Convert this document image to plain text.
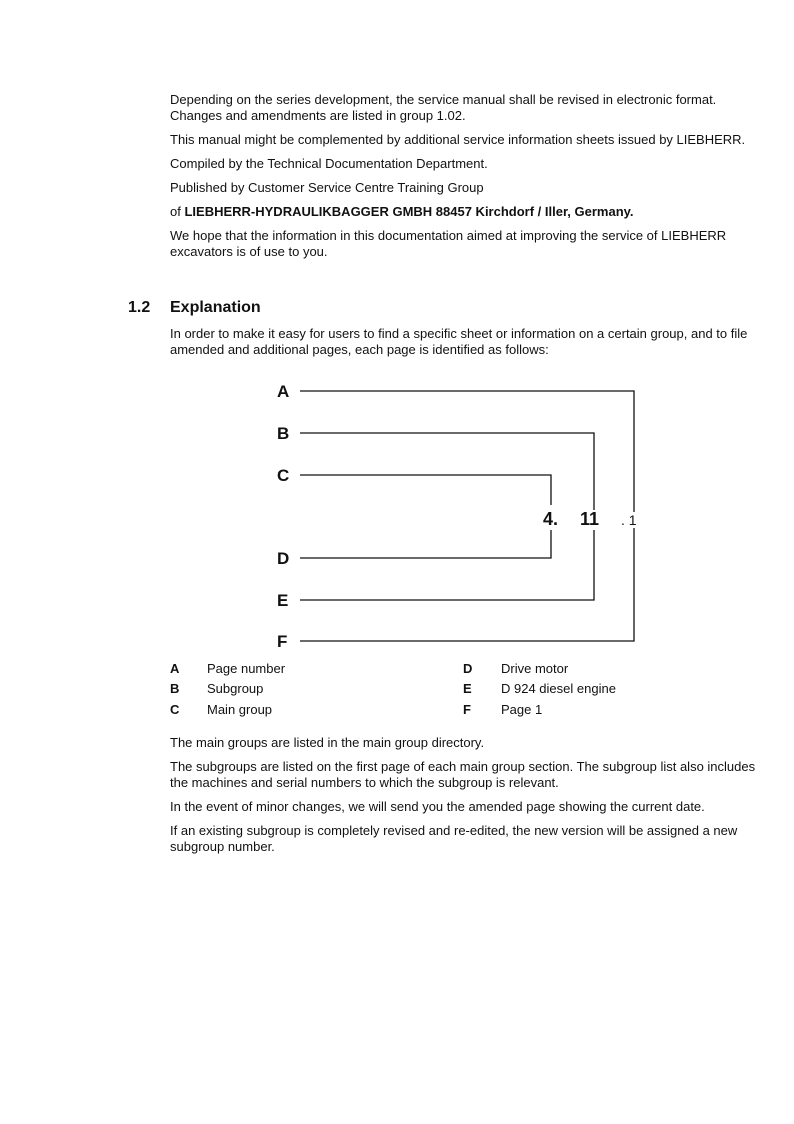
Depending on the series development, the service manual shall be revised in electronic format. Changes and amendments are listed in group 1.02.

This manual might be complemented by additional service information sheets issued by LIEBHERR.

Compiled by the Technical Documentation Department.

Published by Customer Service Centre Training Group

of LIEBHERR-HYDRAULIKBAGGER GMBH 88457 Kirchdorf / Iller, Germany.

We hope that the information in this documentation aimed at improving the service of LIEBHERR excavators is of use to you.

1.2 Explanation

In order to make it easy for users to find a specific sheet or information on a certain group, and to file amended and additional pages, each page is identified as follows:

A
B
C
D
E
F
4. 11 . 1
A Page number
B Subgroup
C Main group
D Drive motor
E D 924 diesel engine
F Page 1

The main groups are listed in the main group directory.

The subgroups are listed on the first page of each main group section. The subgroup list also includes the machines and serial numbers to which the subgroup is relevant.

In the event of minor changes, we will send you the amended page showing the current date.

If an existing subgroup is completely revised and re-edited, the new version will be assigned a new subgroup number.
